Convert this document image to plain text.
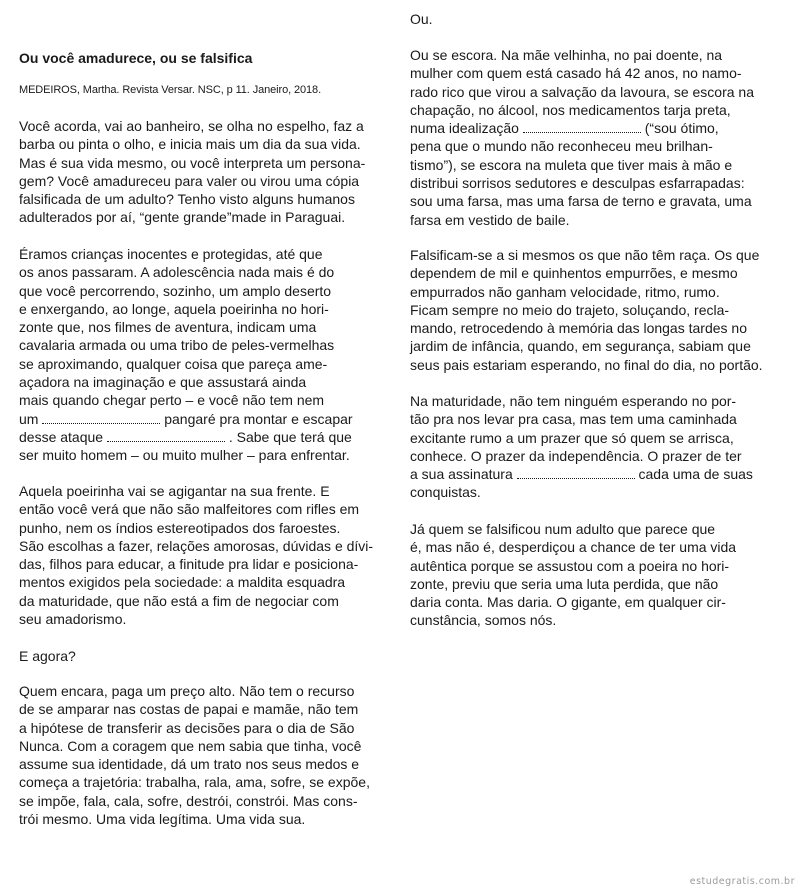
Ou você amadurece, ou se falsifica

MEDEIROS, Martha. Revista Versar. NSC, p 11. Janeiro, 2018.

Você acorda, vai ao banheiro, se olha no espelho, faz a
barba ou pinta o olho, e inicia mais um dia da sua vida.
Mas é sua vida mesmo, ou você interpreta um persona-
gem? Você amadureceu para valer ou virou uma cópia
falsificada de um adulto? Tenho visto alguns humanos
adulterados por aí, “gente grande”made in Paraguai.

Éramos crianças inocentes e protegidas, até que
os anos passaram. A adolescência nada mais é do
que você percorrendo, sozinho, um amplo deserto
e enxergando, ao longe, aquela poeirinha no hori-
zonte que, nos filmes de aventura, indicam uma
cavalaria armada ou uma tribo de peles-vermelhas
se aproximando, qualquer coisa que pareça ame-
açadora na imaginação e que assustará ainda
mais quando chegar perto – e você não tem nem
um	pangaré pra montar e escapar
desse ataque	. Sabe que terá que
ser muito homem – ou muito mulher – para enfrentar.

Aquela poeirinha vai se agigantar na sua frente. E
então você verá que não são malfeitores com rifles em
punho, nem os índios estereotipados dos faroestes.
São escolhas a fazer, relações amorosas, dúvidas e dívi-
das, filhos para educar, a finitude pra lidar e posiciona-
mentos exigidos pela sociedade: a maldita esquadra
da maturidade, que não está a fim de negociar com
seu amadorismo.

E agora?

Quem encara, paga um preço alto. Não tem o recurso
de se amparar nas costas de papai e mamãe, não tem
a hipótese de transferir as decisões para o dia de São
Nunca. Com a coragem que nem sabia que tinha, você
assume sua identidade, dá um trato nos seus medos e
começa a trajetória: trabalha, rala, ama, sofre, se expõe,
se impõe, fala, cala, sofre, destrói, constrói. Mas cons-
trói mesmo. Uma vida legítima. Uma vida sua.

Ou.

Ou se escora. Na mãe velhinha, no pai doente, na
mulher com quem está casado há 42 anos, no namo-
rado rico que virou a salvação da lavoura, se escora na
chapação, no álcool, nos medicamentos tarja preta,
numa idealização	(“sou ótimo,
pena que o mundo não reconheceu meu brilhan-
tismo”), se escora na muleta que tiver mais à mão e
distribui sorrisos sedutores e desculpas esfarrapadas:
sou uma farsa, mas uma farsa de terno e gravata, uma
farsa em vestido de baile.

Falsificam-se a si mesmos os que não têm raça. Os que
dependem de mil e quinhentos empurrões, e mesmo
empurrados não ganham velocidade, ritmo, rumo.
Ficam sempre no meio do trajeto, soluçando, recla-
mando, retrocedendo à memória das longas tardes no
jardim de infância, quando, em segurança, sabiam que
seus pais estariam esperando, no final do dia, no portão.

Na maturidade, não tem ninguém esperando no por-
tão pra nos levar pra casa, mas tem uma caminhada
excitante rumo a um prazer que só quem se arrisca,
conhece. O prazer da independência. O prazer de ter
a sua assinatura	cada uma de suas
conquistas.

Já quem se falsificou num adulto que parece que
é, mas não é, desperdiçou a chance de ter uma vida
autêntica porque se assustou com a poeira no hori-
zonte, previu que seria uma luta perdida, que não
daria conta. Mas daria. O gigante, em qualquer cir-
cunstância, somos nós.

estudegratis.com.br
